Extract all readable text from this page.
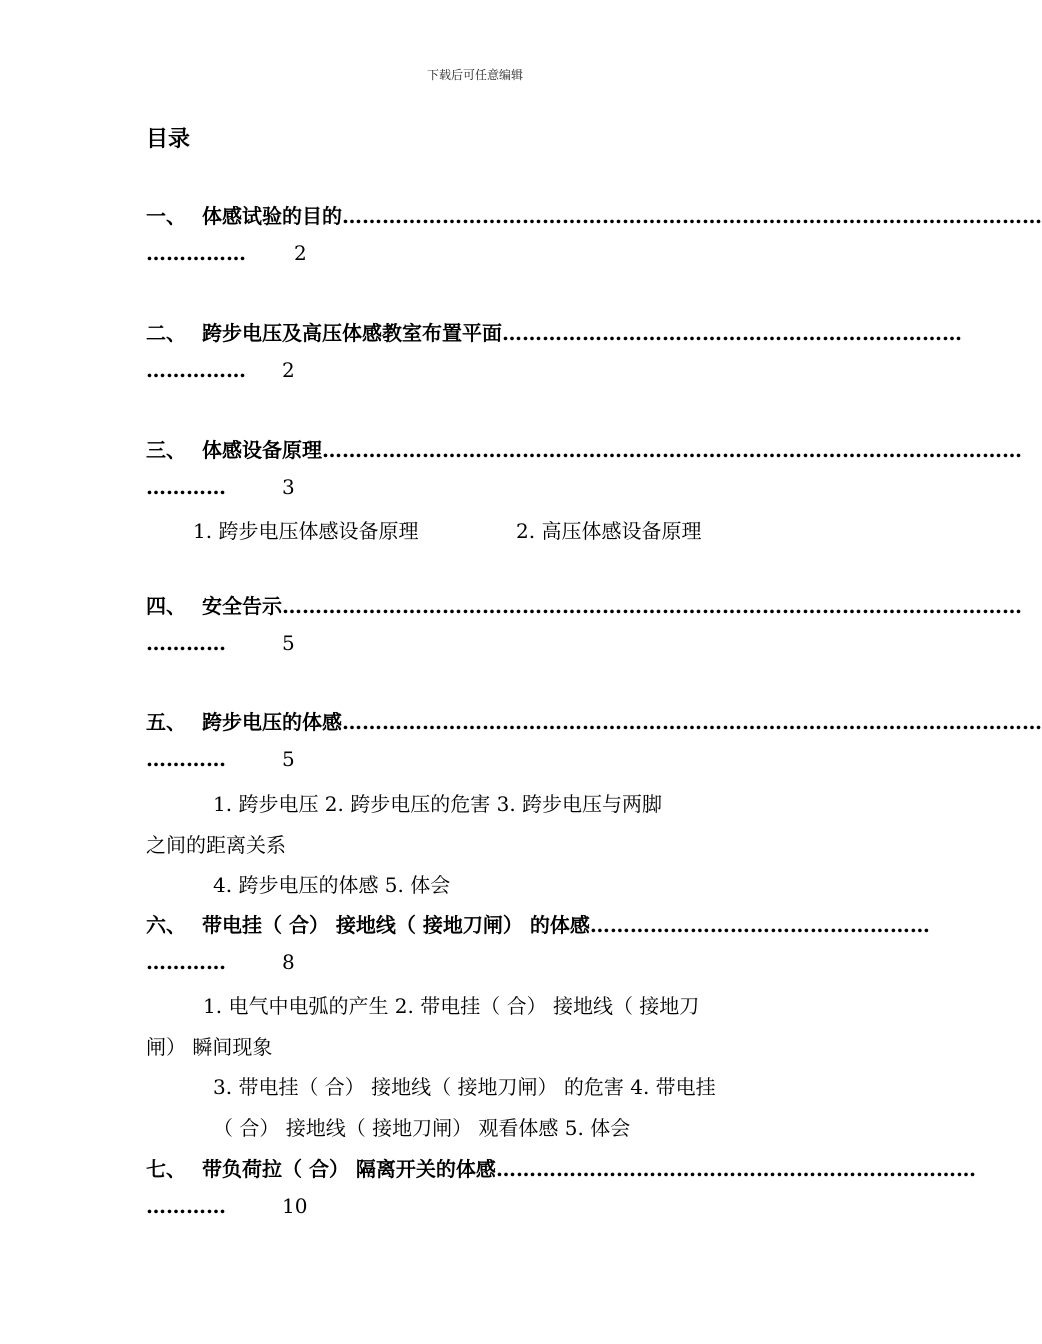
下载后可任意编辑
目录
一、 体感试验的目的……………………………………………………………………………………………
…………… 2
二、 跨步电压及高压体感教室布置平面……………………………………………………………
…………… 2
三、 体感设备原理……………………………………………………………………………………………
…………	3
1. 跨步电压体感设备原理	2. 高压体感设备原理
四、 安全告示…………………………………………………………………………………………………
…………	5
五、 跨步电压的体感……………………………………………………………………………………………
…………	5
1. 跨步电压 2. 跨步电压的危害 3. 跨步电压与两脚
之间的距离关系
4. 跨步电压的体感 5. 体会
六、 带电挂（ 合） 接地线（ 接地刀闸） 的体感……………………………………………
…………	8
1. 电气中电弧的产生 2. 带电挂（ 合） 接地线（ 接地刀
闸） 瞬间现象
3. 带电挂（ 合） 接地线（ 接地刀闸） 的危害 4. 带电挂
（ 合） 接地线（ 接地刀闸） 观看体感 5. 体会
七、 带负荷拉（ 合） 隔离开关的体感………………………………………………………………
…………	10
